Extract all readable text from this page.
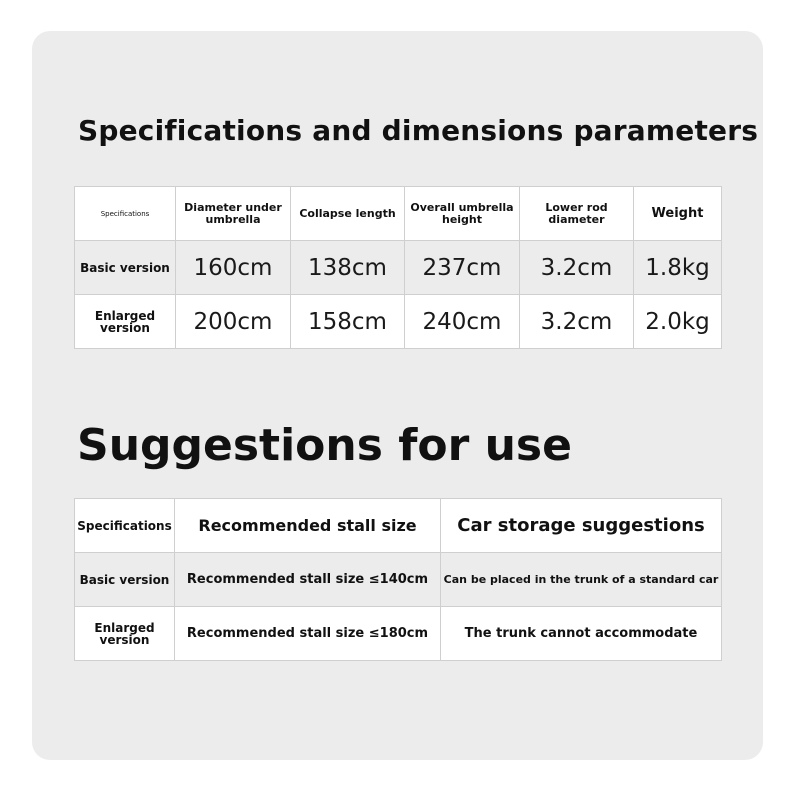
Specifications and dimensions parameters
Specifications	Diameter under umbrella	Collapse length	Overall umbrella height	Lower rod diameter	Weight
Basic version	160cm	138cm	237cm	3.2cm	1.8kg
Enlarged version	200cm	158cm	240cm	3.2cm	2.0kg
Suggestions for use
Specifications	Recommended stall size	Car storage suggestions
Basic version	Recommended stall size ≤140cm	Can be placed in the trunk of a standard car
Enlarged version	Recommended stall size ≤180cm	The trunk cannot accommodate
